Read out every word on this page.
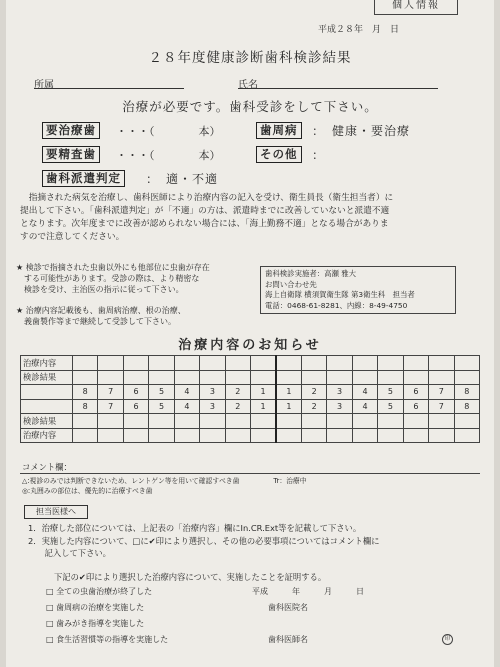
個人情報
平成２８年　月　日
２８年度健康診断歯科検診結果
所属	氏名
治療が必要です。歯科受診をして下さい。
要治療歯	・・・（　　　　本）	歯周病	：　健康・要治療
要精査歯	・・・（　　　　本）	その他	：
歯科派遣判定	：　適・不適
指摘された病気を治療し、歯科医師により治療内容の記入を受け、衛生員長（衛生担当者）に
提出して下さい。「歯科派遣判定」が「不適」の方は、派遣時までに改善していないと派遣不適
となります。次年度までに改善が認められない場合には、「海上勤務不適」となる場合がありま
すので注意してください。
★ 検診で指摘された虫歯以外にも他部位に虫歯が存在
　する可能性があります。受診の際は、より精密な
　検診を受け、主治医の指示に従って下さい。
★ 治療内容記載後も、歯周病治療、根の治療、
　義歯製作等まで継続して受診して下さい。
歯科検診実施者：高瀬 雅大
お問い合わせ先
海上自衛隊 横須賀衛生隊 第3衛生科　担当者
電話：0468-61-8281、内線：8-49-4750
治療内容のお知らせ
治療内容																
検診結果																
	8	7	6	5	4	3	2	1	1	2	3	4	5	6	7	8
	8	7	6	5	4	3	2	1	1	2	3	4	5	6	7	8
検診結果																
治療内容																
コメント欄：
△:視診のみでは判断できないため、レントゲン等を用いて確認すべき歯	Tr：治療中
◎:丸囲みの部位は、優先的に治療すべき歯
担当医様へ
1．治療した部位については、上記表の「治療内容」欄にIn.CR.Ext等を記載して下さい。
2．実施した内容について、□に✔印により選択し、その他の必要事項についてはコメント欄に
　　記入して下さい。
下記の✔印により選択した治療内容について、実施したことを証明する。
□ 全ての虫歯治療が終了した	平成　　　年　　　月　　　日
□ 歯周病の治療を実施した	歯科医院名
□ 歯みがき指導を実施した
□ 食生活習慣等の指導を実施した	歯科医師名	印
